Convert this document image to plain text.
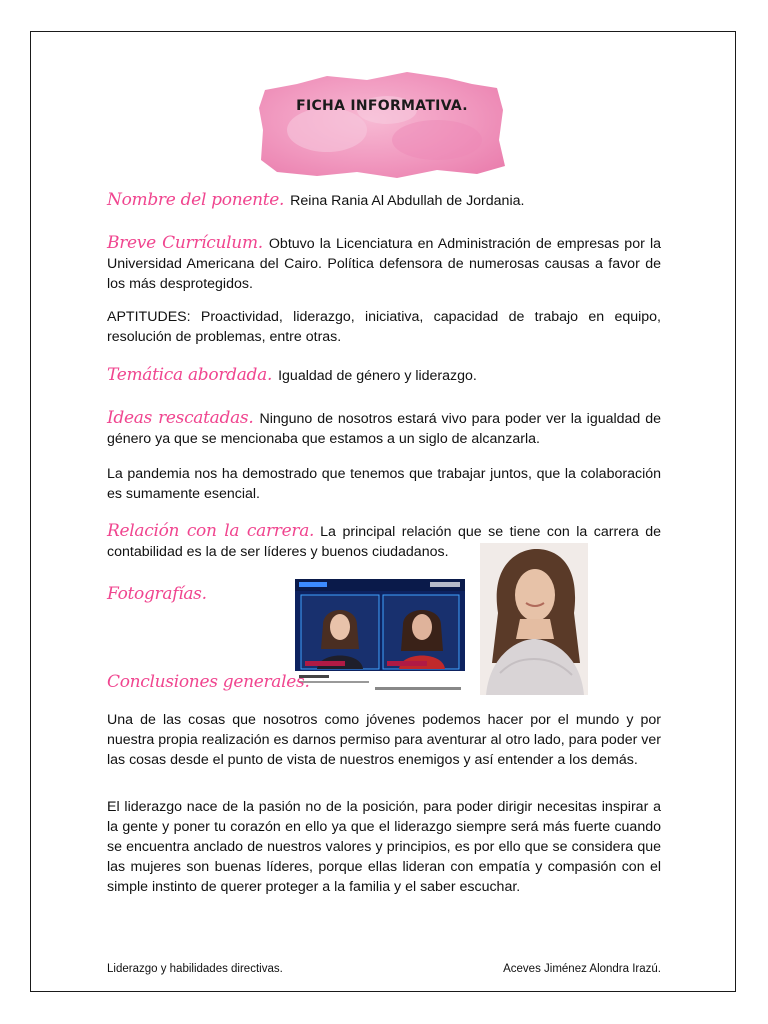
FICHA INFORMATIVA.
Nombre del ponente. Reina Rania Al Abdullah de Jordania.
Breve Currículum. Obtuvo la Licenciatura en Administración de empresas por la Universidad Americana del Cairo. Política defensora de numerosas causas a favor de los más desprotegidos.

APTITUDES: Proactividad, liderazgo, iniciativa, capacidad de trabajo en equipo, resolución de problemas, entre otras.

Temática abordada. Igualdad de género y liderazgo.
Ideas rescatadas. Ninguno de nosotros estará vivo para poder ver la igualdad de género ya que se mencionaba que estamos a un siglo de alcanzarla.

La pandemia nos ha demostrado que tenemos que trabajar juntos, que la colaboración es sumamente esencial.

Relación con la carrera. La principal relación que se tiene con la carrera de contabilidad es la de ser líderes y buenos ciudadanos.
Fotografías.
Conclusiones generales.

Una de las cosas que nosotros como jóvenes podemos hacer por el mundo y por nuestra propia realización es darnos permiso para aventurar al otro lado, para poder ver las cosas desde el punto de vista de nuestros enemigos y así entender a los demás.

El liderazgo nace de la pasión no de la posición, para poder dirigir necesitas inspirar a la gente y poner tu corazón en ello ya que el liderazgo siempre será más fuerte cuando se encuentra anclado de nuestros valores y principios, es por ello que se considera que las mujeres son buenas líderes, porque ellas lideran con empatía y compasión con el simple instinto de querer proteger a la familia y el saber escuchar.

Liderazgo y habilidades directivas.	Aceves Jiménez Alondra Irazú.
